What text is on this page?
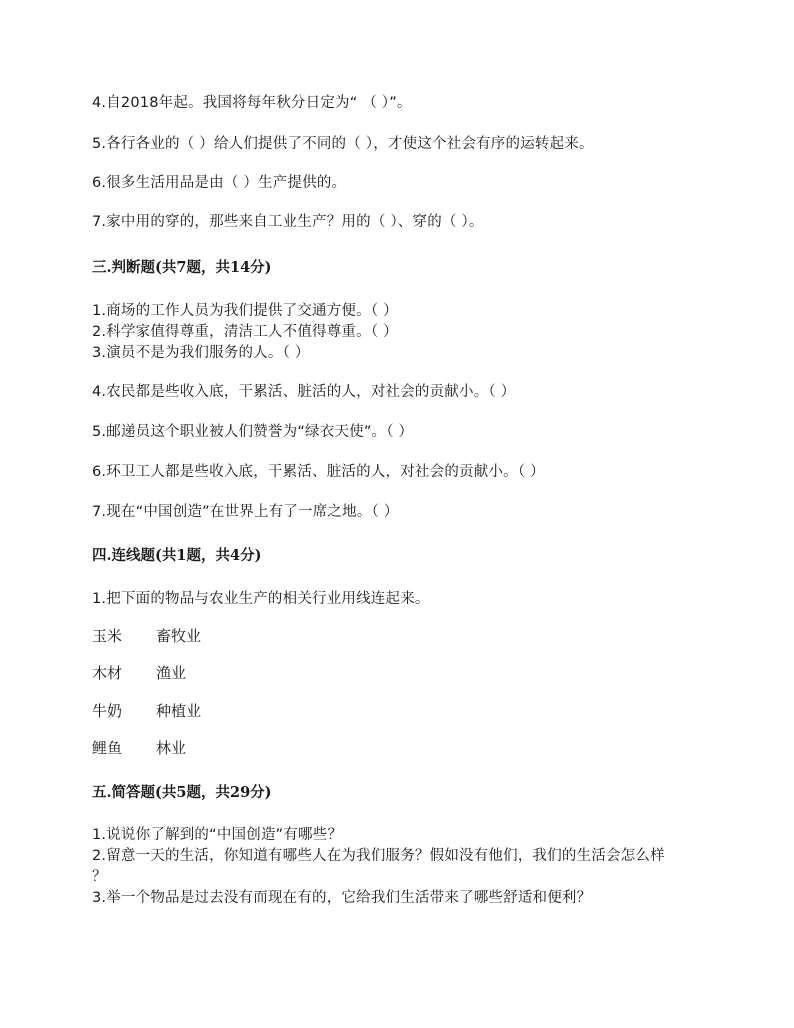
4.自2018年起。我国将每年秋分日定为“ （ ）”。
5.各行各业的（ ）给人们提供了不同的（ ），才使这个社会有序的运转起来。
6.很多生活用品是由（ ）生产提供的。
7.家中用的穿的，那些来自工业生产？用的（ ）、穿的（ ）。
三.判断题(共7题，共14分)
1.商场的工作人员为我们提供了交通方便。（ ）
2.科学家值得尊重，清洁工人不值得尊重。（ ）
3.演员不是为我们服务的人。（ ）
4.农民都是些收入底，干累活、脏活的人，对社会的贡献小。（ ）
5.邮递员这个职业被人们赞誉为“绿衣天使”。（ ）
6.环卫工人都是些收入底，干累活、脏活的人，对社会的贡献小。（ ）
7.现在“中国创造”在世界上有了一席之地。（ ）
四.连线题(共1题，共4分)
1.把下面的物品与农业生产的相关行业用线连起来。
玉米 畜牧业
木材 渔业
牛奶 种植业
鲤鱼 林业
五.简答题(共5题，共29分)
1.说说你了解到的“中国创造”有哪些？
2.留意一天的生活，你知道有哪些人在为我们服务？假如没有他们，我们的生活会怎么样
？
3.举一个物品是过去没有而现在有的，它给我们生活带来了哪些舒适和便利？
